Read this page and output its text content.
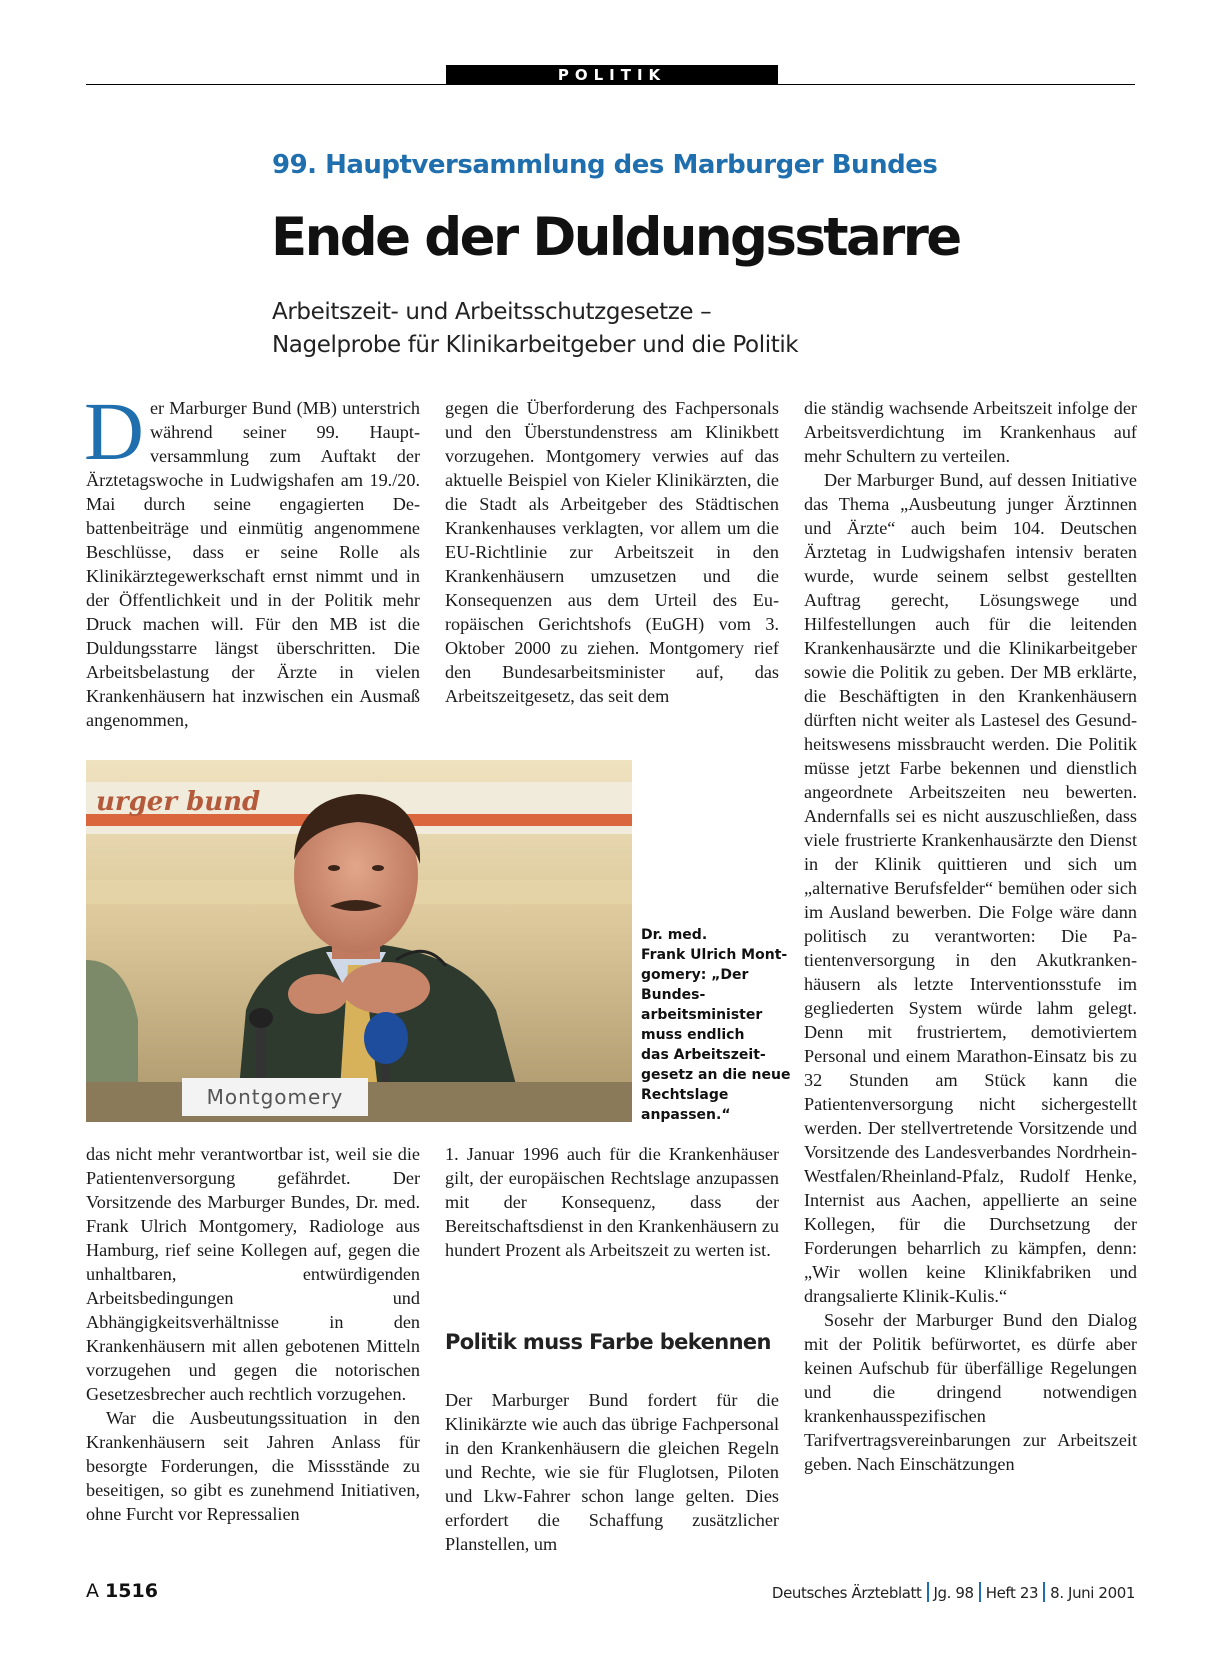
POLITIK
99. Hauptversammlung des Marburger Bundes
Ende der Duldungsstarre
Arbeitszeit- und Arbeitsschutzgesetze –
Nagelprobe für Klinikarbeitgeber und die Politik

Der Marburger Bund (MB) unterstrich während seiner 99. Hauptversammlung zum Auftakt der Ärztetagswoche in Ludwigshafen am 19./20. Mai durch seine engagierten Debattenbeiträge und einmütig angenommene Beschlüsse, dass er seine Rolle als Klinikärztegewerkschaft ernst nimmt und in der Öffentlichkeit und in der Politik mehr Druck machen will. Für den MB ist die Duldungsstarre längst überschritten. Die Arbeitsbelastung der Ärzte in vielen Krankenhäusern hat inzwischen ein Ausmaß angenommen,

gegen die Überforderung des Fachpersonals und den Überstundenstress am Klinikbett vorzugehen. Montgomery verwies auf das aktuelle Beispiel von Kieler Klinikärzten, die die Stadt als Arbeitgeber des Städtischen Krankenhauses verklagten, vor allem um die EU-Richtlinie zur Arbeitszeit in den Krankenhäusern umzusetzen und die Konsequenzen aus dem Urteil des Europäischen Gerichtshofs (EuGH) vom 3. Oktober 2000 zu ziehen. Montgomery rief den Bundesarbeitsminister auf, das Arbeitszeitgesetz, das seit dem

die ständig wachsende Arbeitszeit infolge der Arbeitsverdichtung im Krankenhaus auf mehr Schultern zu verteilen.

Der Marburger Bund, auf dessen Initiative das Thema „Ausbeutung junger Ärztinnen und Ärzte“ auch beim 104. Deutschen Ärztetag in Ludwigshafen intensiv beraten wurde, wurde seinem selbst gestellten Auftrag gerecht, Lösungswege und Hilfestellungen auch für die leitenden Krankenhausärzte und die Klinikarbeitgeber sowie die Politik zu geben. Der MB erklärte, die Beschäftigten in den Krankenhäusern dürften nicht weiter als Lastesel des Gesundheitswesens missbraucht werden. Die Politik müsse jetzt Farbe bekennen und dienstlich angeordnete Arbeitszeiten neu bewerten. Andernfalls sei es nicht auszuschließen, dass viele frustrierte Krankenhausärzte den Dienst in der Klinik quittieren und sich um „alternative Berufsfelder“ bemühen oder sich im Ausland bewerben. Die Folge wäre dann politisch zu verantworten: Die Patientenversorgung in den Akutkrankenhäusern als letzte Interventionsstufe im gegliederten System würde lahm gelegt. Denn mit frustriertem, demotiviertem Personal und einem Marathon-Einsatz bis zu 32 Stunden am Stück kann die Patientenversorgung nicht sichergestellt werden. Der stellvertretende Vorsitzende und Vorsitzende des Landesverbandes Nordrhein-Westfalen/Rheinland-Pfalz, Rudolf Henke, Internist aus Aachen, appellierte an seine Kollegen, für die Durchsetzung der Forderungen beharrlich zu kämpfen, denn: „Wir wollen keine Klinikfabriken und drangsalierte Klinik-Kulis.“

Sosehr der Marburger Bund den Dialog mit der Politik befürwortet, es dürfe aber keinen Aufschub für überfällige Regelungen und die dringend notwendigen krankenhausspezifischen Tarifvertragsvereinbarungen zur Arbeitszeit geben. Nach Einschätzungen

urger bund
Montgomery
Dr. med.
Frank Ulrich Mont-
gomery: „Der
Bundes-
arbeitsminister
muss endlich
das Arbeitszeit-
gesetz an die neue
Rechtslage
anpassen.“

das nicht mehr verantwortbar ist, weil sie die Patientenversorgung gefährdet. Der Vorsitzende des Marburger Bundes, Dr. med. Frank Ulrich Montgomery, Radiologe aus Hamburg, rief seine Kollegen auf, gegen die unhaltbaren, entwürdigenden Arbeitsbedingungen und Abhängigkeitsverhältnisse in den Krankenhäusern mit allen gebotenen Mitteln vorzugehen und gegen die notorischen Gesetzesbrecher auch rechtlich vorzugehen.

War die Ausbeutungssituation in den Krankenhäusern seit Jahren Anlass für besorgte Forderungen, die Missstände zu beseitigen, so gibt es zunehmend Initiativen, ohne Furcht vor Repressalien

1. Januar 1996 auch für die Krankenhäuser gilt, der europäischen Rechtslage anzupassen mit der Konsequenz, dass der Bereitschaftsdienst in den Krankenhäusern zu hundert Prozent als Arbeitszeit zu werten ist.

Politik muss Farbe bekennen

Der Marburger Bund fordert für die Klinikärzte wie auch das übrige Fachpersonal in den Krankenhäusern die gleichen Regeln und Rechte, wie sie für Fluglotsen, Piloten und Lkw-Fahrer schon lange gelten. Dies erfordert die Schaffung zusätzlicher Planstellen, um

A 1516	Deutsches Ärzteblatt Jg. 98 Heft 23 8. Juni 2001
